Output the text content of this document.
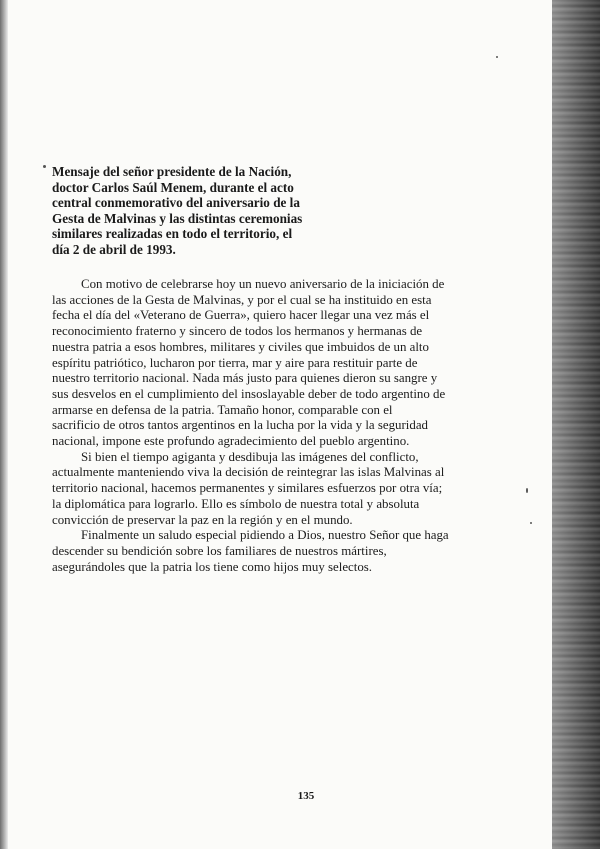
Mensaje del señor presidente de la Nación,
doctor Carlos Saúl Menem, durante el acto
central conmemorativo del aniversario de la
Gesta de Malvinas y las distintas ceremonias
similares realizadas en todo el territorio, el
día 2 de abril de 1993.
Con motivo de celebrarse hoy un nuevo aniversario de la iniciación de
las acciones de la Gesta de Malvinas, y por el cual se ha instituido en esta
fecha el día del «Veterano de Guerra», quiero hacer llegar una vez más el
reconocimiento fraterno y sincero de todos los hermanos y hermanas de
nuestra patria a esos hombres, militares y civiles que imbuidos de un alto
espíritu patriótico, lucharon por tierra, mar y aire para restituir parte de
nuestro territorio nacional. Nada más justo para quienes dieron su sangre y
sus desvelos en el cumplimiento del insoslayable deber de todo argentino de
armarse en defensa de la patria. Tamaño honor, comparable con el
sacrificio de otros tantos argentinos en la lucha por la vida y la seguridad
nacional, impone este profundo agradecimiento del pueblo argentino.
Si bien el tiempo agiganta y desdibuja las imágenes del conflicto,
actualmente manteniendo viva la decisión de reintegrar las islas Malvinas al
territorio nacional, hacemos permanentes y similares esfuerzos por otra vía;
la diplomática para lograrlo. Ello es símbolo de nuestra total y absoluta
convicción de preservar la paz en la región y en el mundo.
Finalmente un saludo especial pidiendo a Dios, nuestro Señor que haga
descender su bendición sobre los familiares de nuestros mártires,
asegurándoles que la patria los tiene como hijos muy selectos.
135
